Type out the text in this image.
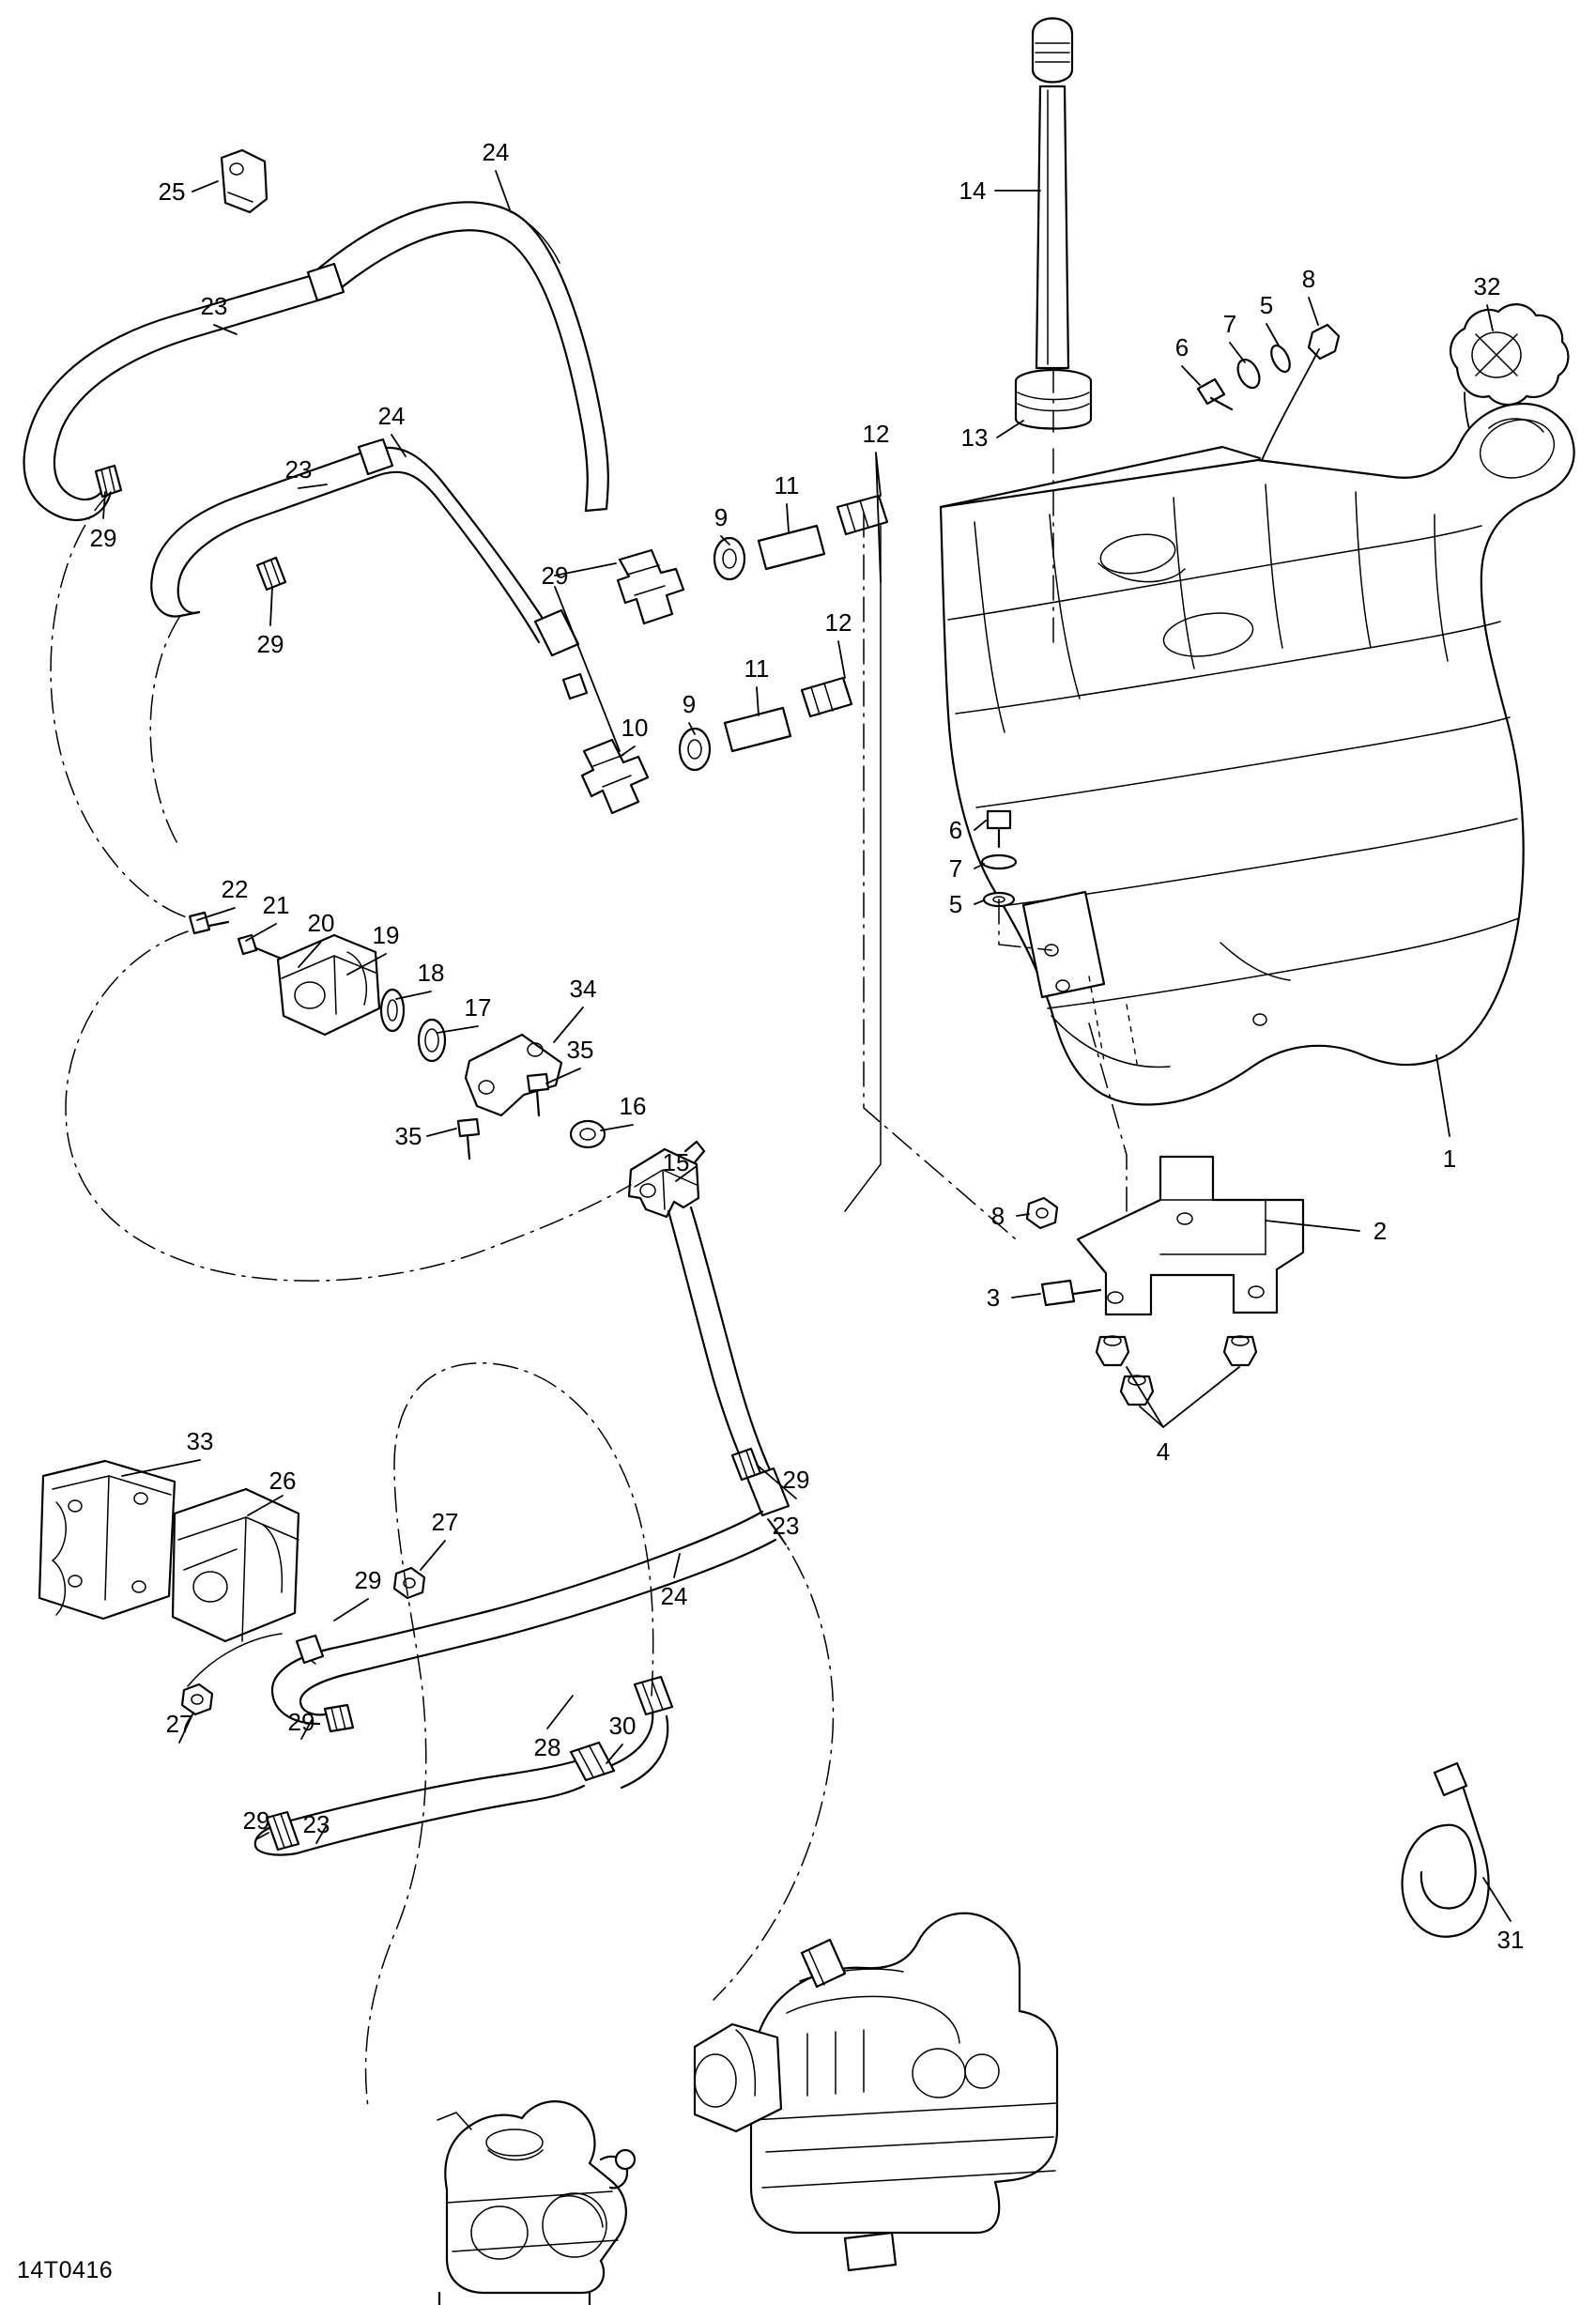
25
24
23
29
24
23
29
29
9
11
12
10
9
11
12
14
13
6
7
5
8	32
6
7
5
1
8
2
3
4
22
21
20 19
18
17
34
35
35
16
15
33
26
27
29
27	29
29 23
28
30
24
23
29
31
14T0416
